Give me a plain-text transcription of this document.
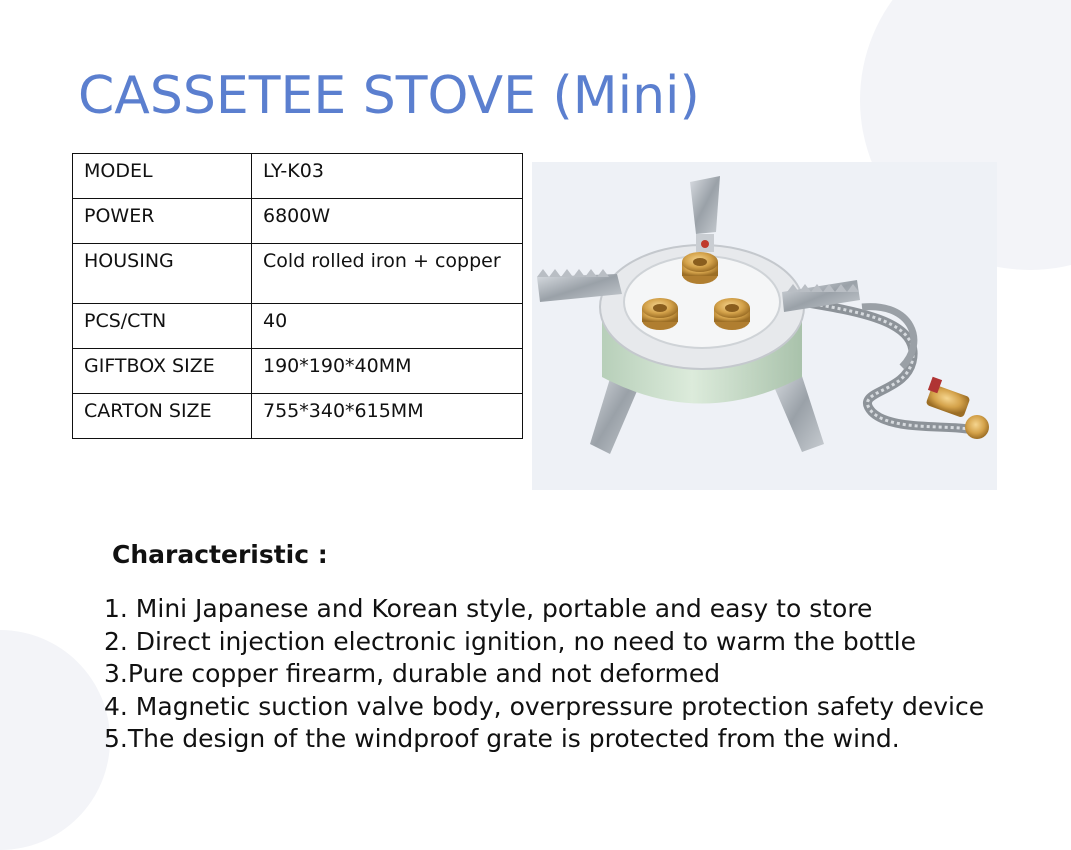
CASSETEE STOVE (Mini)
MODEL	LY-K03
POWER	6800W
HOUSING	Cold rolled iron + copper
PCS/CTN	40
GIFTBOX SIZE	190*190*40MM
CARTON SIZE	755*340*615MM
Characteristic :
1. Mini Japanese and Korean style, portable and easy to store
2. Direct injection electronic ignition, no need to warm the bottle
3.Pure copper firearm, durable and not deformed
4. Magnetic suction valve body, overpressure protection safety device
5.The design of the windproof grate is protected from the wind.
